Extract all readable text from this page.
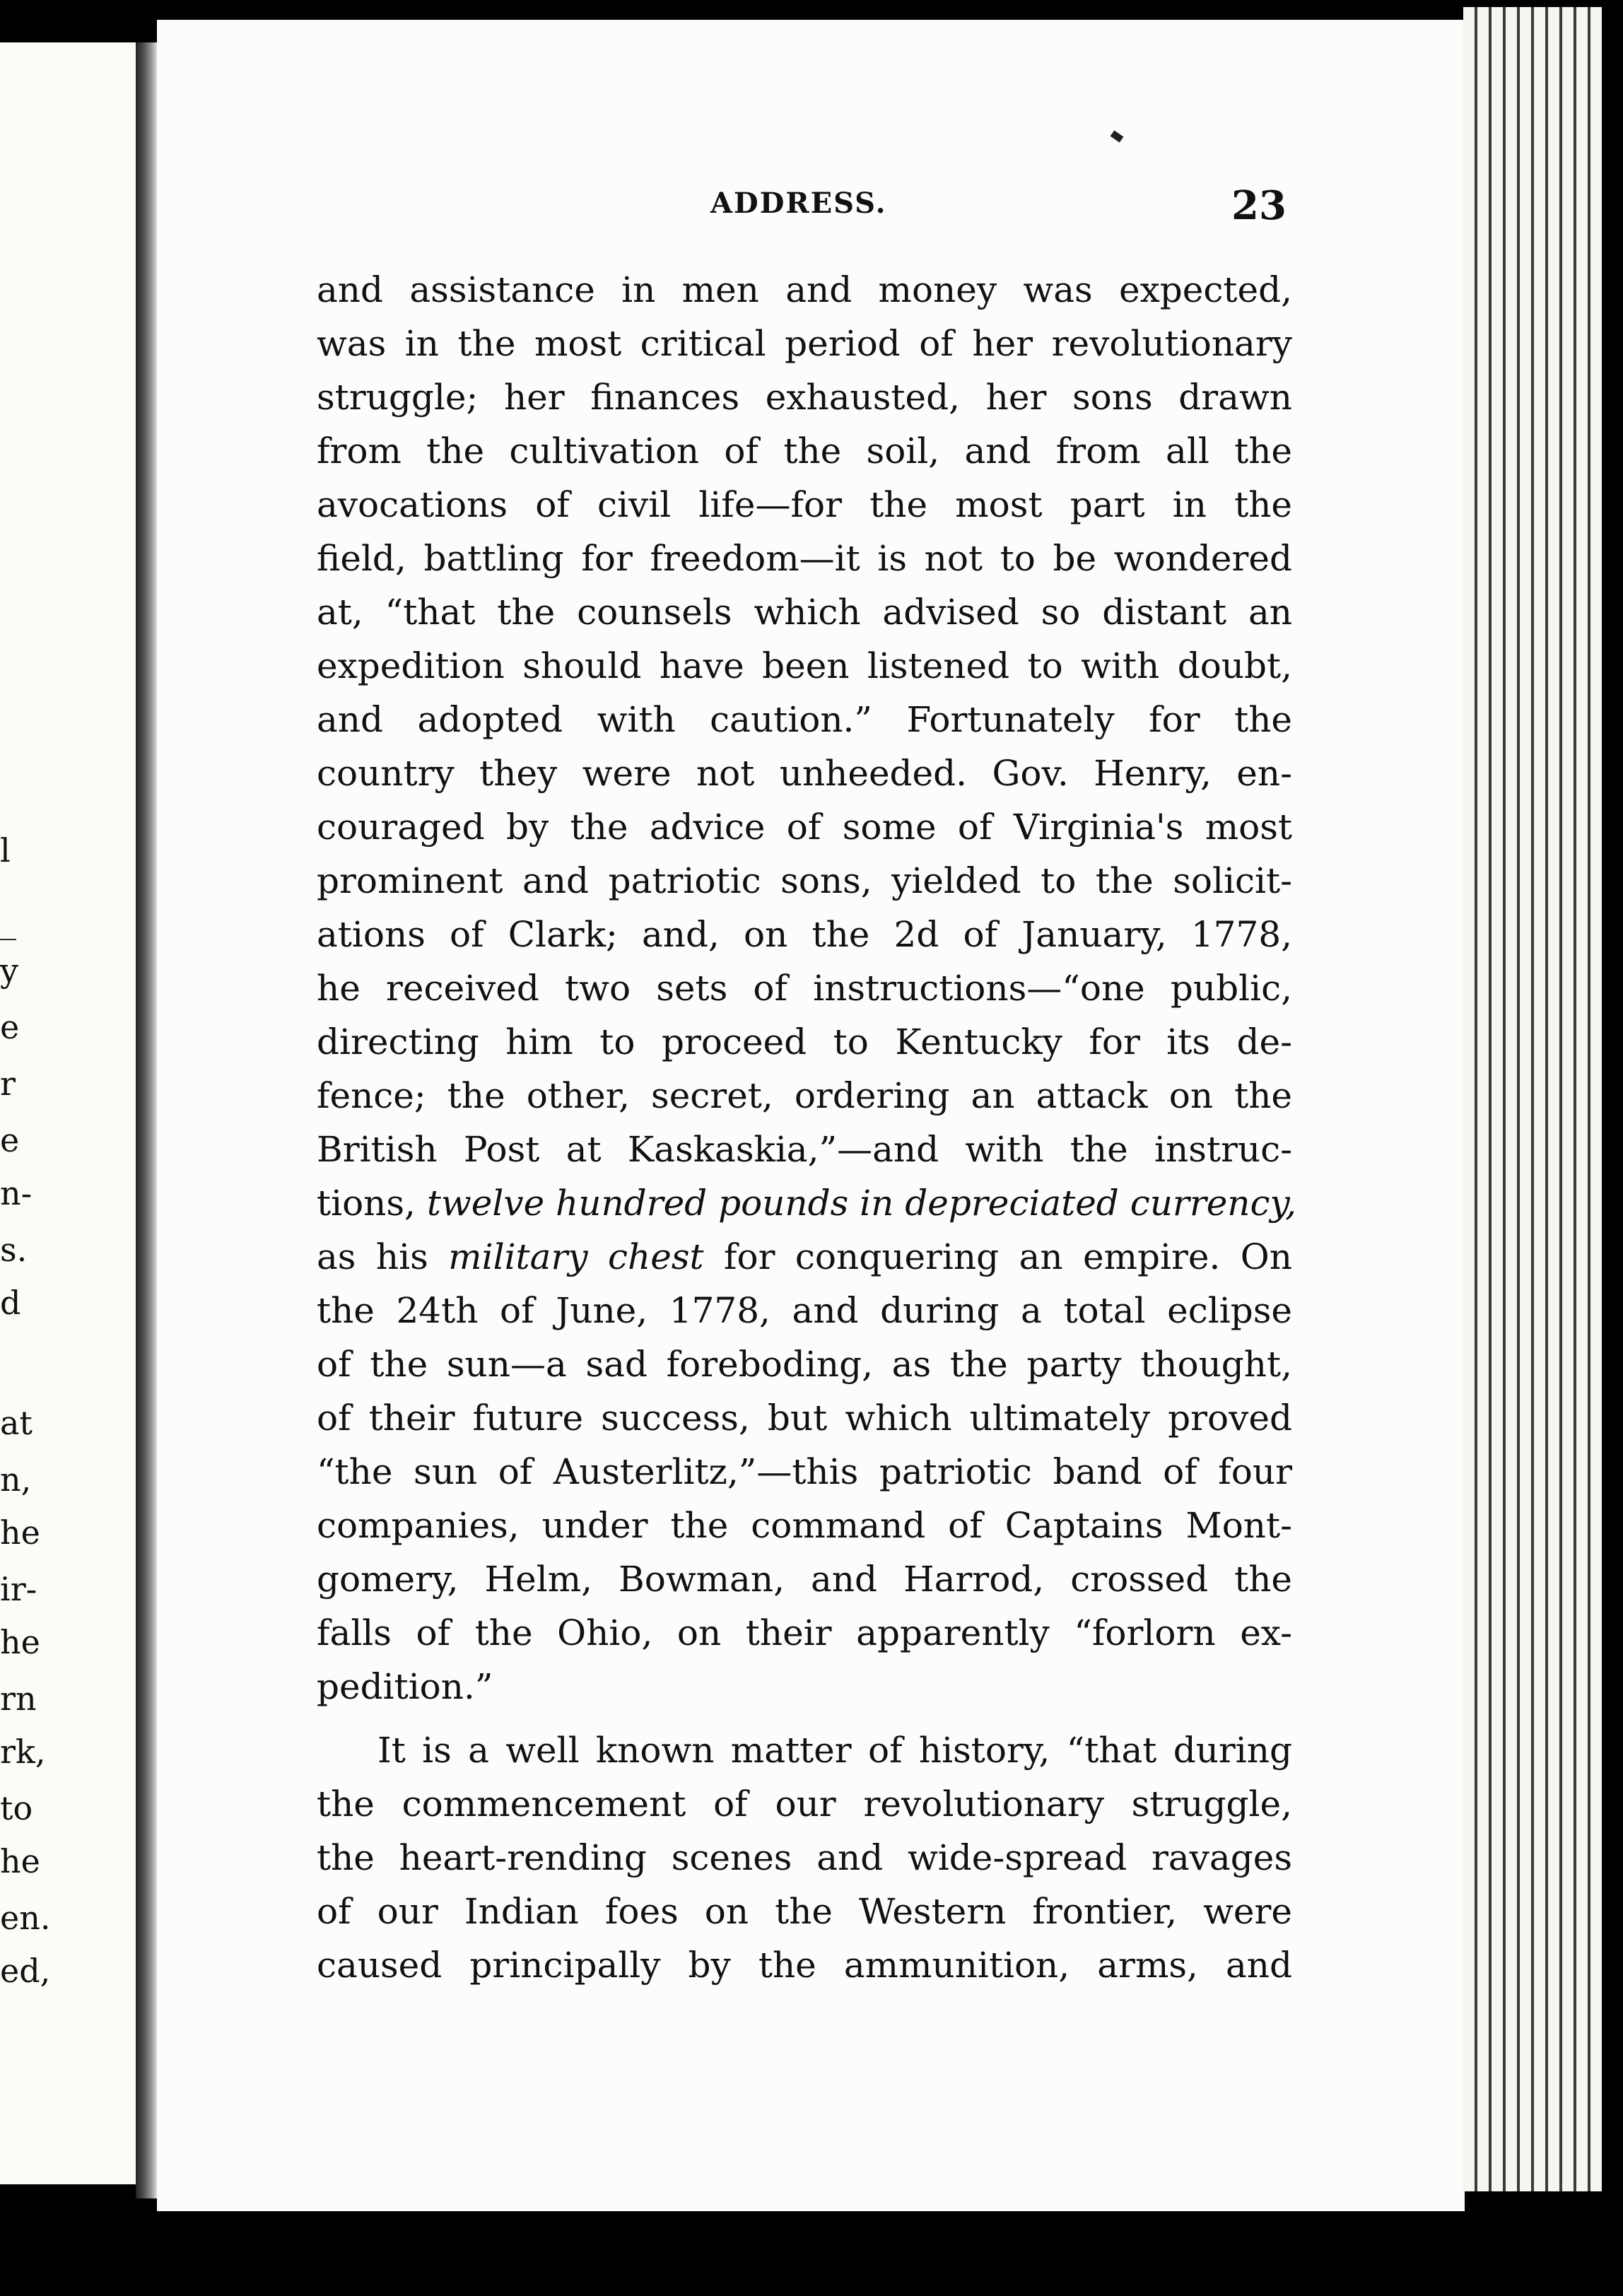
l
_
y
e
r
e
n-
s.
d
at
n,
he
ir-
he
rn
rk,
to
he
en.
ed,
ADDRESS.	23
and assistance in men and money was expected,
was in the most critical period of her revolutionary
struggle; her finances exhausted, her sons drawn
from the cultivation of the soil, and from all the
avocations of civil life—for the most part in the
field, battling for freedom—it is not to be wondered
at, “that the counsels which advised so distant an
expedition should have been listened to with doubt,
and adopted with caution.” Fortunately for the
country they were not unheeded. Gov. Henry, en-
couraged by the advice of some of Virginia's most
prominent and patriotic sons, yielded to the solicit-
ations of Clark; and, on the 2d of January, 1778,
he received two sets of instructions—“one public,
directing him to proceed to Kentucky for its de-
fence; the other, secret, ordering an attack on the
British Post at Kaskaskia,”—and with the instruc-
tions, twelve hundred pounds in depreciated currency,
as his military chest for conquering an empire. On
the 24th of June, 1778, and during a total eclipse
of the sun—a sad foreboding, as the party thought,
of their future success, but which ultimately proved
“the sun of Austerlitz,”—this patriotic band of four
companies, under the command of Captains Mont-
gomery, Helm, Bowman, and Harrod, crossed the
falls of the Ohio, on their apparently “forlorn ex-
pedition.”
It is a well known matter of history, “that during
the commencement of our revolutionary struggle,
the heart-rending scenes and wide-spread ravages
of our Indian foes on the Western frontier, were
caused principally by the ammunition, arms, and
